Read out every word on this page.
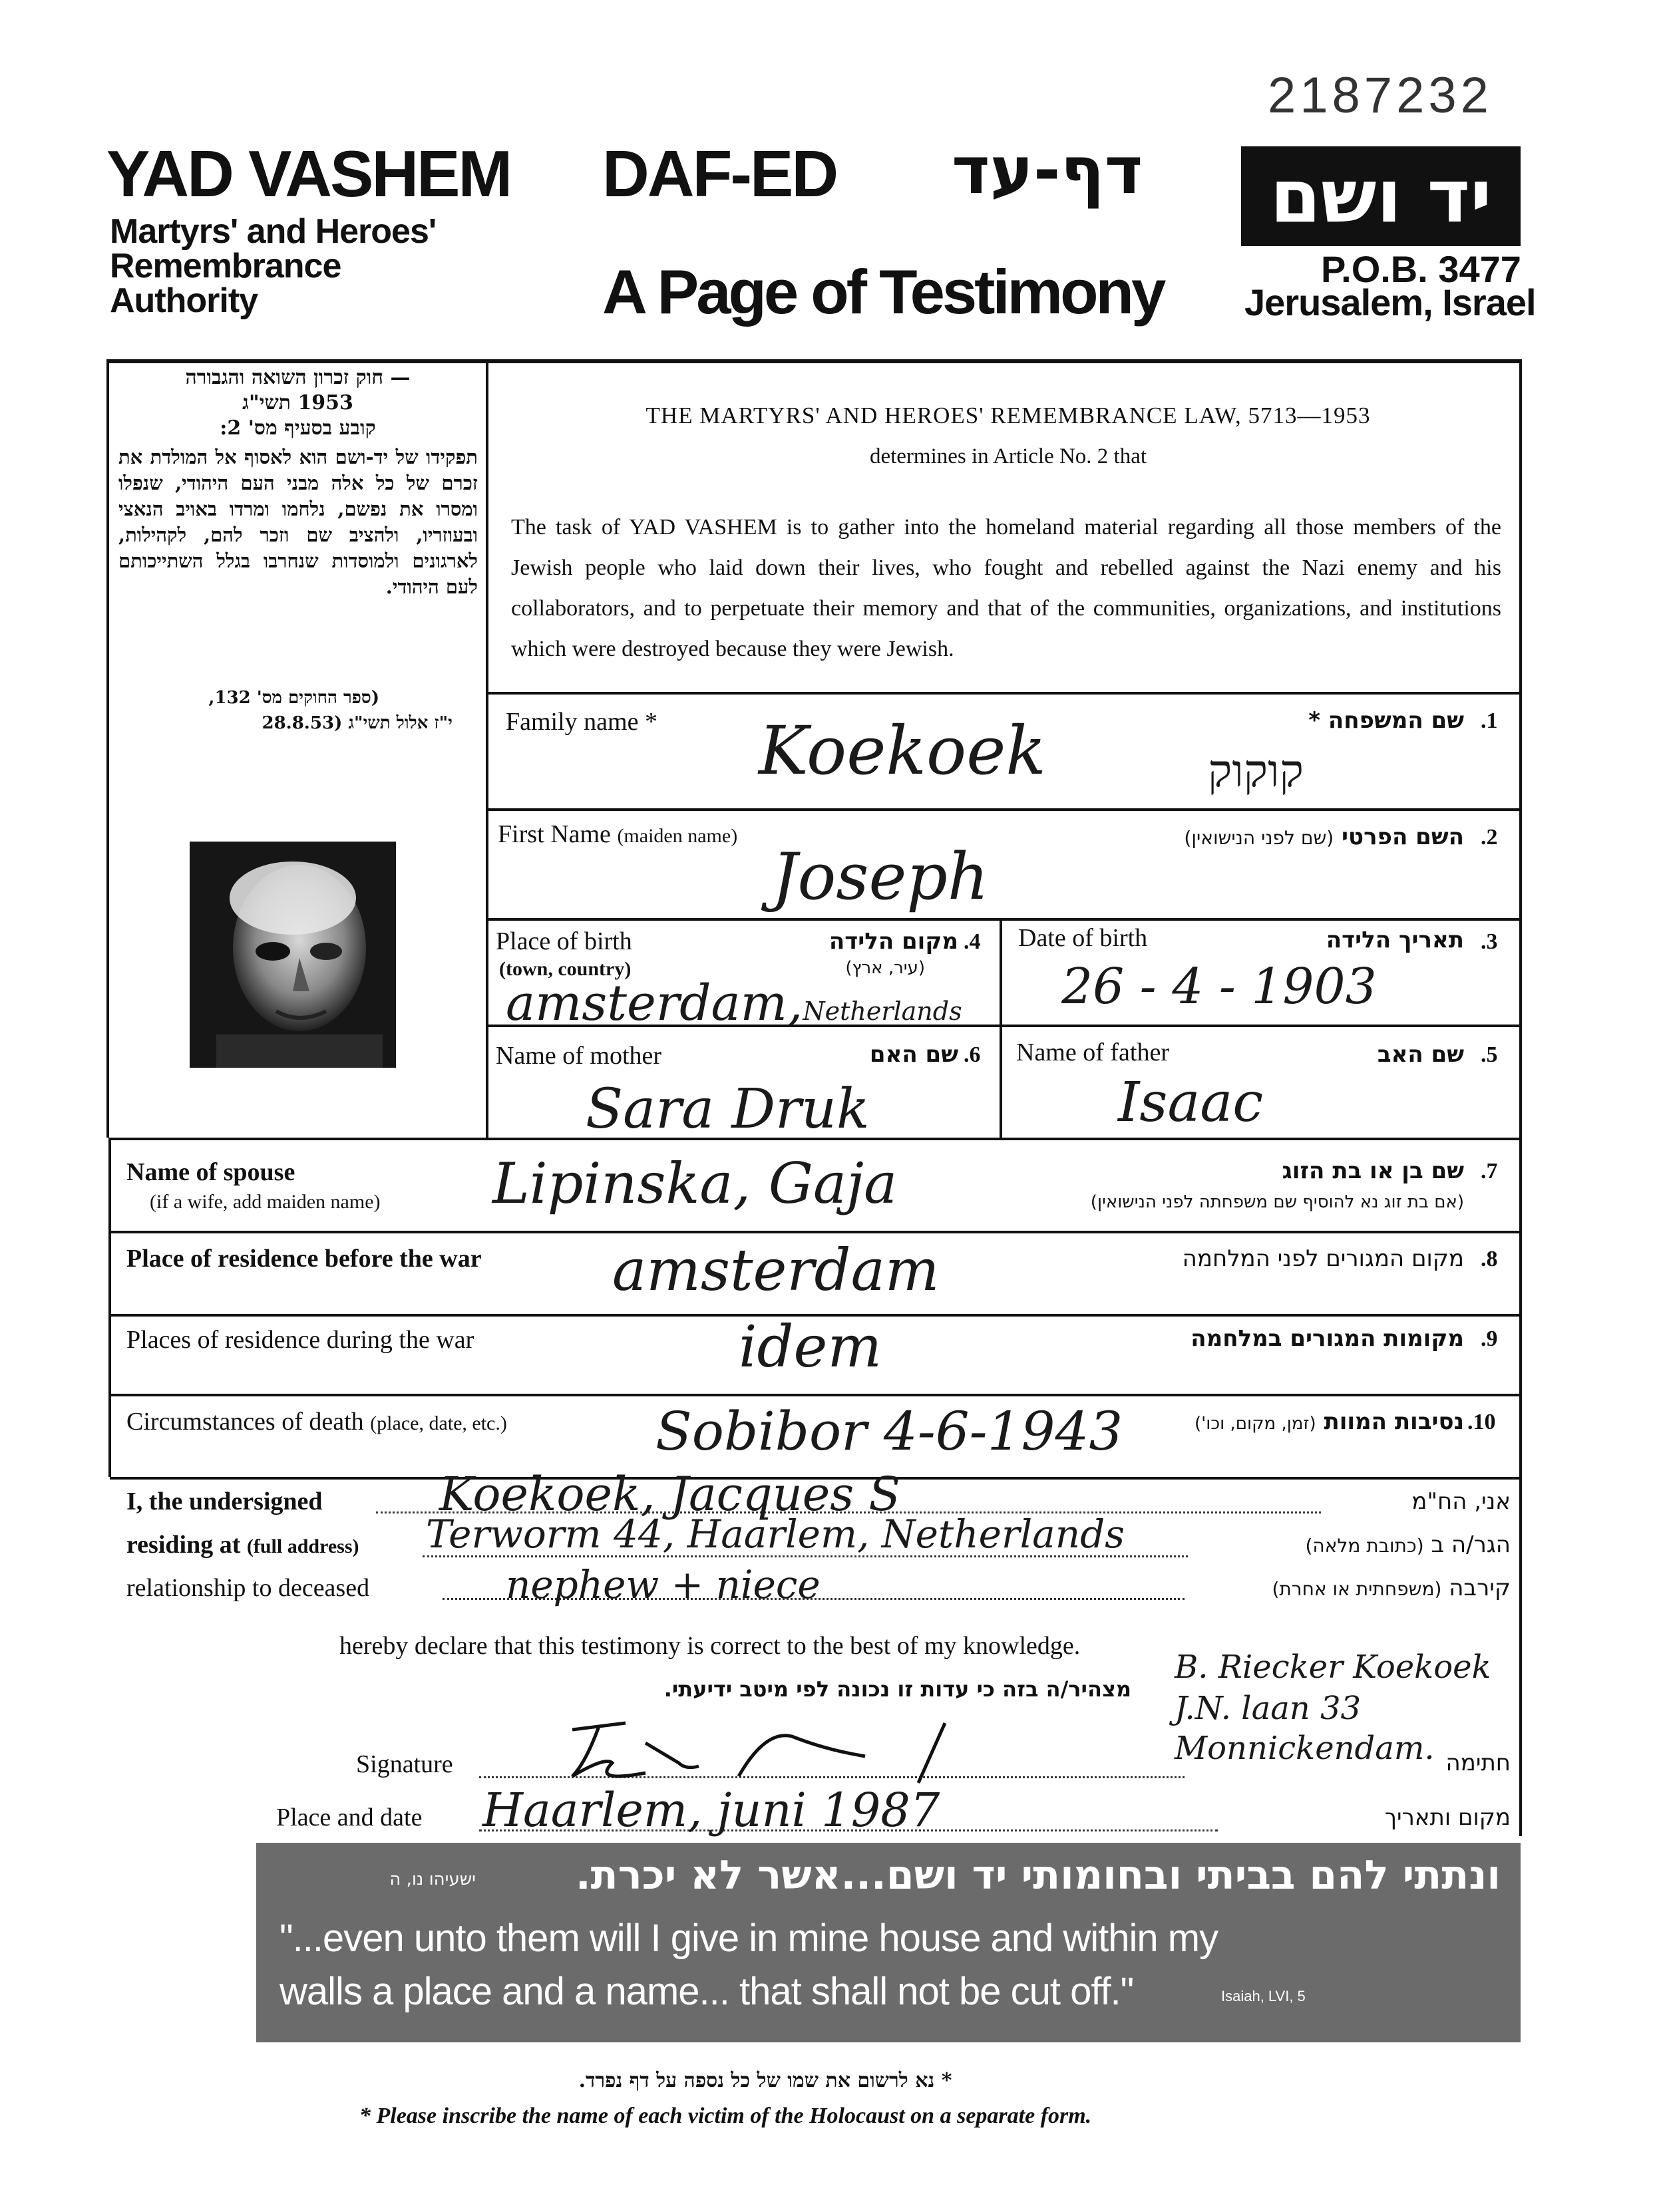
2187232
YAD VASHEM
Martyrs' and Heroes'
Remembrance
Authority
DAF-ED דף-עד
A Page of Testimony
יד ושם
P.O.B. 3477
Jerusalem, Israel
— חוק זכרון השואה והגבורה
1953 תשי"ג
קובע בסעיף מס' 2:
תפקידו של יד-ושם הוא לאסוף אל המולדת את זכרם של כל אלה מבני העם היהודי, שנפלו ומסרו את נפשם, נלחמו ומרדו באויב הנאצי ובעוזריו, ולהציב שם וזכר להם, לקהילות, לארגונים ולמוסדות שנחרבו בגלל השתייכותם לעם היהודי.
(ספר החוקים מס' 132,
י"ז אלול תשי"ג (28.8.53
THE MARTYRS' AND HEROES' REMEMBRANCE LAW, 5713—1953
determines in Article No. 2 that
The task of YAD VASHEM is to gather into the homeland material regarding all those members of the Jewish people who laid down their lives, who fought and rebelled against the Nazi enemy and his collaborators, and to perpetuate their memory and that of the communities, organizations, and institutions which were destroyed because they were Jewish.
Family name *	שם המשפחה * .1
Koekoek	קוקוק
First Name (maiden name)	השם הפרטי (שם לפני הנישואין)	.2
Joseph
Place of birth
(town, country)
מקום הלידה
(עיר, ארץ)
.4
amsterdam,Netherlands
Date of birth	תאריך הלידה .3
26 - 4 - 1903
Name of mother	שם האם .6
Sara Druk
Name of father	שם האב .5
Isaac
Name of spouse
(if a wife, add maiden name)
שם בן או בת הזוג
(אם בת זוג נא להוסיף שם משפחתה לפני הנישואין)
.7
Lipinska, Gaja
Place of residence before the war	מקום המגורים לפני המלחמה .8
amsterdam
Places of residence during the war	מקומות המגורים במלחמה .9
idem
Circumstances of death (place, date, etc.)	נסיבות המוות (זמן, מקום, וכו')	.10
Sobibor 4-6-1943
I, the undersigned	Koekoek, Jacques S	אני, הח"מ
residing at (full address) Terworm 44, Haarlem, Netherlands	הגר/ה ב (כתובת מלאה)
relationship to deceased	nephew + niece	קירבה (משפחתית או אחרת)
hereby declare that this testimony is correct to the best of my knowledge.
מצהיר/ה בזה כי עדות זו נכונה לפי מיטב ידיעתי.
B. Riecker Koekoek
J.N. laan 33
Monnickendam.
Signature	חתימה
Place and date Haarlem, juni 1987	מקום ותאריך
ונתתי להם בביתי ובחומותי יד ושם...אשר לא יכרת.
ישעיהו נו, ה
"...even unto them will I give in mine house and within my
walls a place and a name... that shall not be cut off."	Isaiah, LVI, 5
* נא לרשום את שמו של כל נספה על דף נפרד.
* Please inscribe the name of each victim of the Holocaust on a separate form.
